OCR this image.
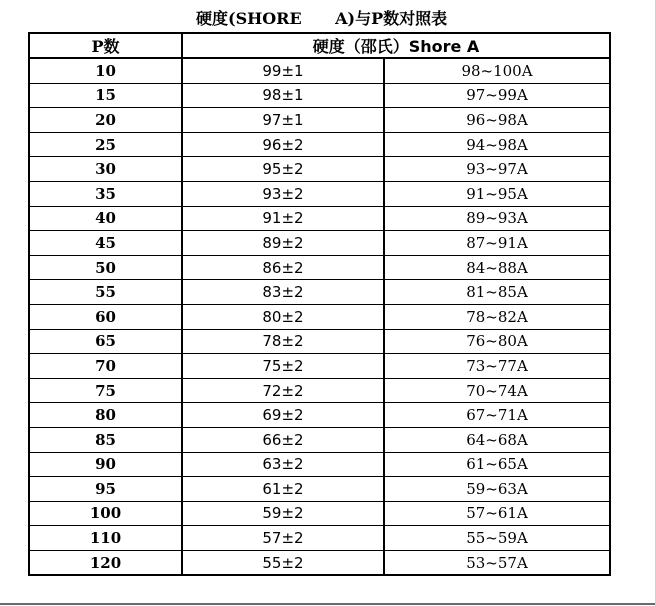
硬度(SHORE      A)与P数对照表
P数	硬度（邵氏）Shore A	
10	99±1	98~100A
15	98±1	97~99A
20	97±1	96~98A
25	96±2	94~98A
30	95±2	93~97A
35	93±2	91~95A
40	91±2	89~93A
45	89±2	87~91A
50	86±2	84~88A
55	83±2	81~85A
60	80±2	78~82A
65	78±2	76~80A
70	75±2	73~77A
75	72±2	70~74A
80	69±2	67~71A
85	66±2	64~68A
90	63±2	61~65A
95	61±2	59~63A
100	59±2	57~61A
110	57±2	55~59A
120	55±2	53~57A
